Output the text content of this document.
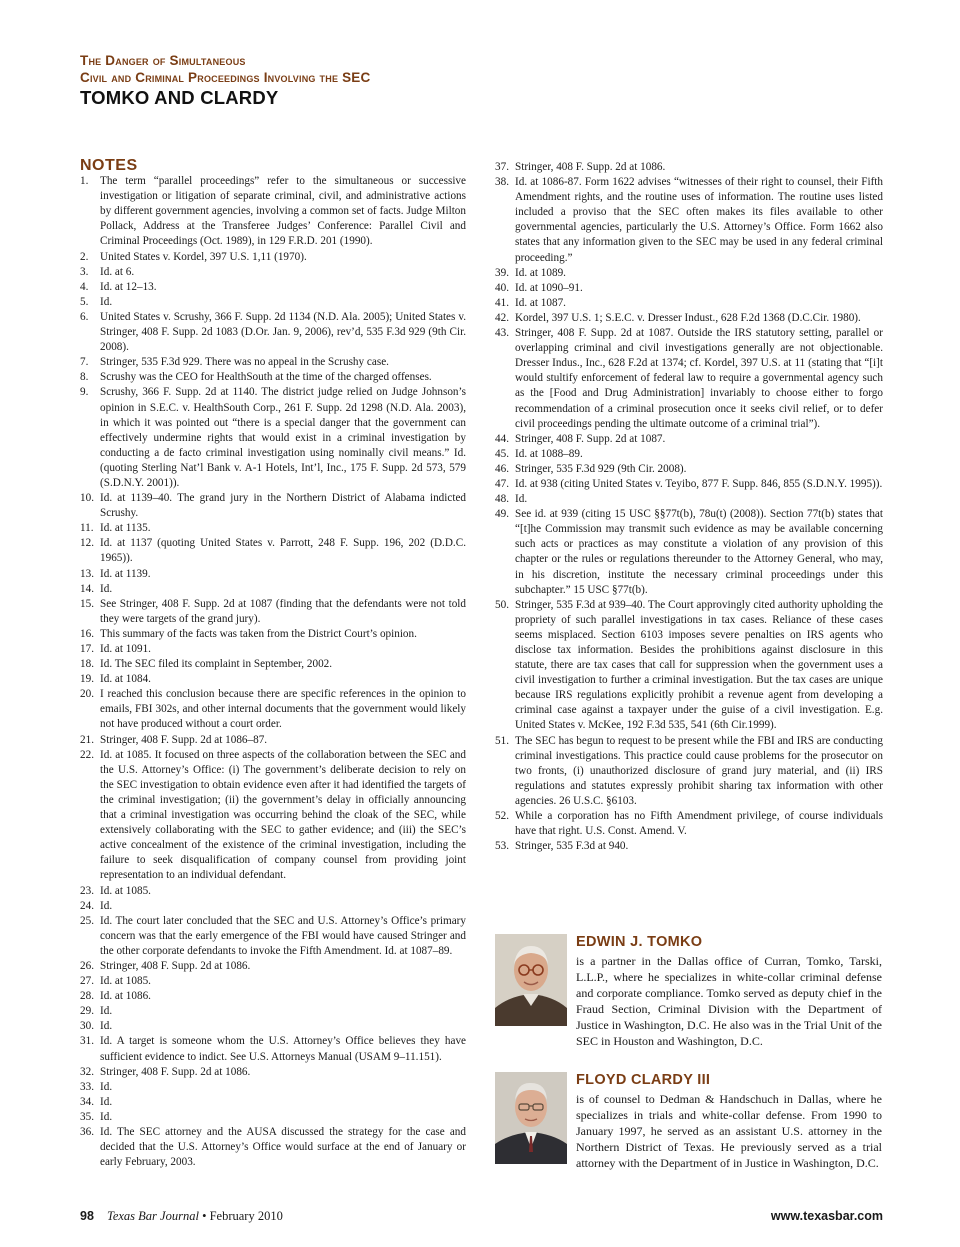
The Danger of Simultaneous
Civil and Criminal Proceedings Involving the SEC
TOMKO AND CLARDY
NOTES
1.	The term “parallel proceedings” refer to the simultaneous or successive investigation or litigation of separate criminal, civil, and administrative actions by different government agencies, involving a common set of facts. Judge Milton Pollack, Address at the Transferee Judges’ Conference: Parallel Civil and Criminal Proceedings (Oct. 1989), in 129 F.R.D. 201 (1990).
2.	United States v. Kordel, 397 U.S. 1,11 (1970).
3.	Id. at 6.
4.	Id. at 12–13.
5.	Id.
6.	United States v. Scrushy, 366 F. Supp. 2d 1134 (N.D. Ala. 2005); United States v. Stringer, 408 F. Supp. 2d 1083 (D.Or. Jan. 9, 2006), rev’d, 535 F.3d 929 (9th Cir. 2008).
7.	Stringer, 535 F.3d 929. There was no appeal in the Scrushy case.
8.	Scrushy was the CEO for HealthSouth at the time of the charged offenses.
9.	Scrushy, 366 F. Supp. 2d at 1140. The district judge relied on Judge Johnson’s opinion in S.E.C. v. HealthSouth Corp., 261 F. Supp. 2d 1298 (N.D. Ala. 2003), in which it was pointed out “there is a special danger that the government can effectively undermine rights that would exist in a criminal investigation by conducting a de facto criminal investigation using nominally civil means.” Id. (quoting Sterling Nat’l Bank v. A-1 Hotels, Int’l, Inc., 175 F. Supp. 2d 573, 579 (S.D.N.Y. 2001)).
10. Id. at 1139–40. The grand jury in the Northern District of Alabama indicted Scrushy.
11. Id. at 1135.
12. Id. at 1137 (quoting United States v. Parrott, 248 F. Supp. 196, 202 (D.D.C. 1965)).
13. Id. at 1139.
14. Id.
15. See Stringer, 408 F. Supp. 2d at 1087 (finding that the defendants were not told they were targets of the grand jury).
16. This summary of the facts was taken from the District Court’s opinion.
17. Id. at 1091.
18. Id. The SEC filed its complaint in September, 2002.
19. Id. at 1084.
20. I reached this conclusion because there are specific references in the opinion to emails, FBI 302s, and other internal documents that the government would likely not have produced without a court order.
21. Stringer, 408 F. Supp. 2d at 1086–87.
22. Id. at 1085. It focused on three aspects of the collaboration between the SEC and the U.S. Attorney’s Office: (i) The government’s deliberate decision to rely on the SEC investigation to obtain evidence even after it had identified the targets of the criminal investigation; (ii) the government’s delay in officially announcing that a criminal investigation was occurring behind the cloak of the SEC, while extensively collaborating with the SEC to gather evidence; and (iii) the SEC’s active concealment of the existence of the criminal investigation, including the failure to seek disqualification of company counsel from providing joint representation to an individual defendant.
23. Id. at 1085.
24. Id.
25. Id. The court later concluded that the SEC and U.S. Attorney’s Office’s primary concern was that the early emergence of the FBI would have caused Stringer and the other corporate defendants to invoke the Fifth Amendment. Id. at 1087–89.
26. Stringer, 408 F. Supp. 2d at 1086.
27. Id. at 1085.
28. Id. at 1086.
29. Id.
30. Id.
31. Id. A target is someone whom the U.S. Attorney’s Office believes they have sufficient evidence to indict. See U.S. Attorneys Manual (USAM 9–11.151).
32. Stringer, 408 F. Supp. 2d at 1086.
33. Id.
34. Id.
35. Id.
36. Id. The SEC attorney and the AUSA discussed the strategy for the case and decided that the U.S. Attorney’s Office would surface at the end of January or early February, 2003.
37. Stringer, 408 F. Supp. 2d at 1086.
38. Id. at 1086-87. Form 1622 advises “witnesses of their right to counsel, their Fifth Amendment rights, and the routine uses of information. The routine uses listed included a proviso that the SEC often makes its files available to other governmental agencies, particularly the U.S. Attorney’s Office. Form 1662 also states that any information given to the SEC may be used in any federal criminal proceeding.”
39. Id. at 1089.
40. Id. at 1090–91.
41. Id. at 1087.
42. Kordel, 397 U.S. 1; S.E.C. v. Dresser Indust., 628 F.2d 1368 (D.C.Cir. 1980).
43. Stringer, 408 F. Supp. 2d at 1087. Outside the IRS statutory setting, parallel or overlapping criminal and civil investigations generally are not objectionable. Dresser Indus., Inc., 628 F.2d at 1374; cf. Kordel, 397 U.S. at 11 (stating that “[i]t would stultify enforcement of federal law to require a governmental agency such as the [Food and Drug Administration] invariably to choose either to forgo recommendation of a criminal prosecution once it seeks civil relief, or to defer civil proceedings pending the ultimate outcome of a criminal trial”).
44. Stringer, 408 F. Supp. 2d at 1087.
45. Id. at 1088–89.
46. Stringer, 535 F.3d 929 (9th Cir. 2008).
47. Id. at 938 (citing United States v. Teyibo, 877 F. Supp. 846, 855 (S.D.N.Y. 1995)).
48. Id.
49. See id. at 939 (citing 15 USC §§77t(b), 78u(t) (2008)). Section 77t(b) states that “[t]he Commission may transmit such evidence as may be available concerning such acts or practices as may constitute a violation of any provision of this chapter or the rules or regulations thereunder to the Attorney General, who may, in his discretion, institute the necessary criminal proceedings under this subchapter.” 15 USC §77t(b).
50. Stringer, 535 F.3d at 939–40. The Court approvingly cited authority upholding the propriety of such parallel investigations in tax cases. Reliance of these cases seems misplaced. Section 6103 imposes severe penalties on IRS agents who disclose tax information. Besides the prohibitions against disclosure in this statute, there are tax cases that call for suppression when the government uses a civil investigation to further a criminal investigation. But the tax cases are unique because IRS regulations explicitly prohibit a revenue agent from developing a criminal case against a taxpayer under the guise of a civil investigation. E.g. United States v. McKee, 192 F.3d 535, 541 (6th Cir.1999).
51. The SEC has begun to request to be present while the FBI and IRS are conducting criminal investigations. This practice could cause problems for the prosecutor on two fronts, (i) unauthorized disclosure of grand jury material, and (ii) IRS regulations and statutes expressly prohibit sharing tax information with other agencies. 26 U.S.C. §6103.
52. While a corporation has no Fifth Amendment privilege, of course individuals have that right. U.S. Const. Amend. V.
53. Stringer, 535 F.3d at 940.
EDWIN J. TOMKO
is a partner in the Dallas office of Curran, Tomko, Tarski, L.L.P., where he specializes in white-collar criminal defense and corporate compliance. Tomko served as deputy chief in the Fraud Section, Criminal Division with the Department of Justice in Washington, D.C. He also was in the Trial Unit of the SEC in Houston and Washington, D.C.
FLOYD CLARDY III
is of counsel to Dedman & Handschuch in Dallas, where he specializes in trials and white-collar defense. From 1990 to January 1997, he served as an assistant U.S. attorney in the Northern District of Texas. He previously served as a trial attorney with the Department of in Justice in Washington, D.C.
98 Texas Bar Journal • February 2010	www.texasbar.com
